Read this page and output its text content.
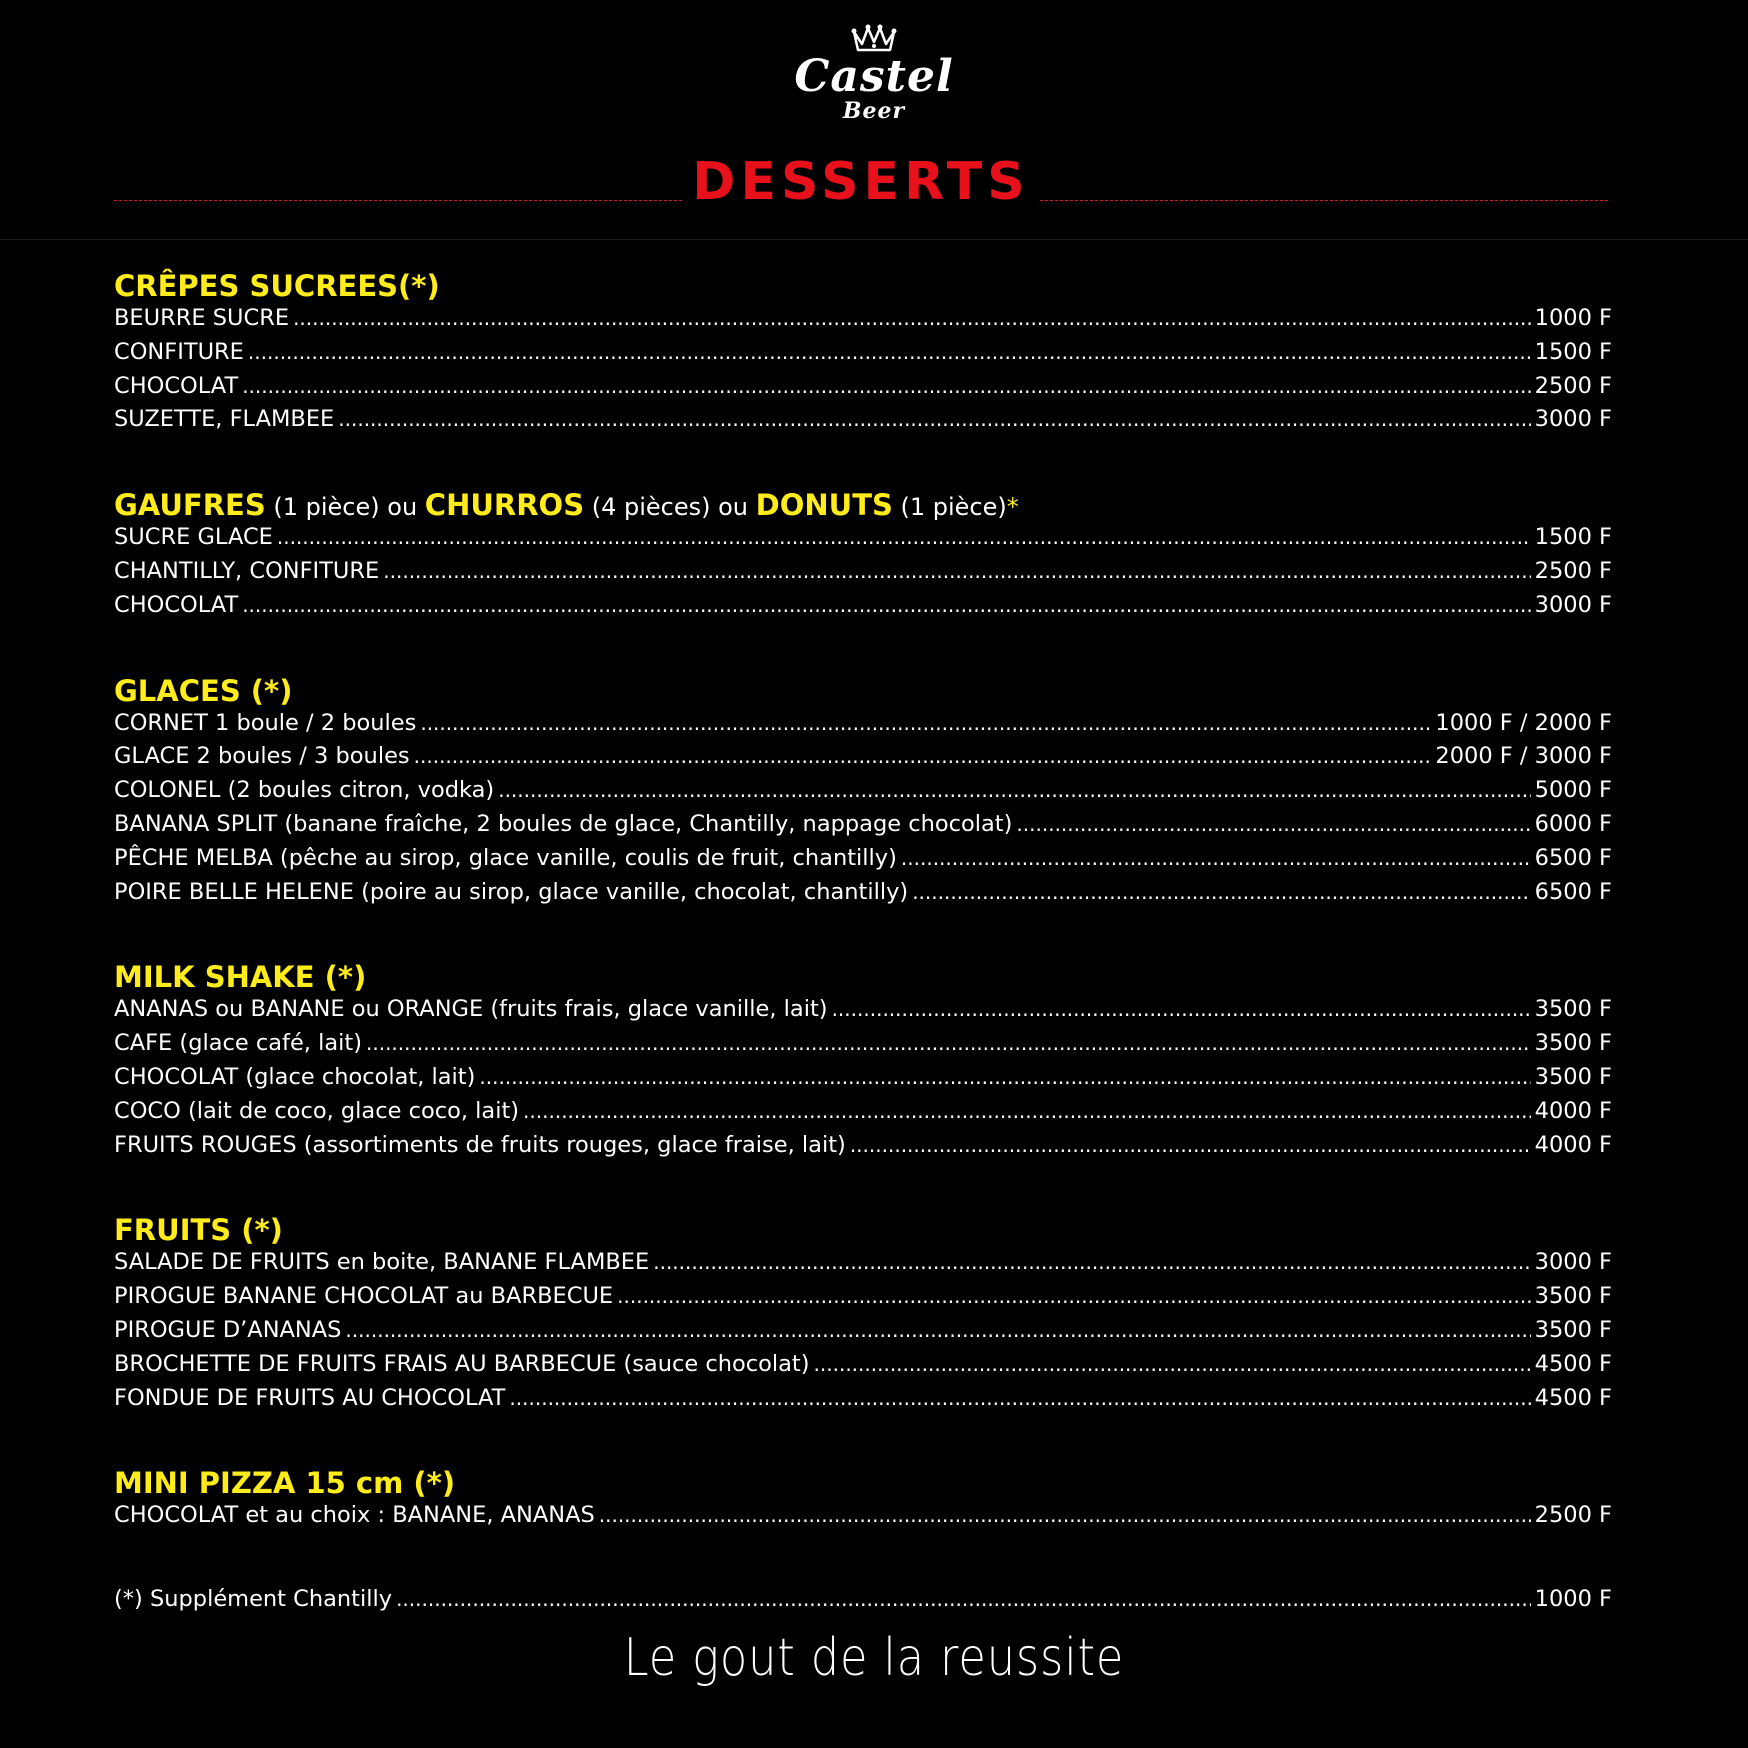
Castel
Beer
DESSERTS
CRÊPES SUCREES(*)
BEURRE SUCRE .....	1000 F
CONFITURE .....	1500 F
CHOCOLAT .....	2500 F
SUZETTE, FLAMBEE .....	3000 F
GAUFRES (1 pièce) ou CHURROS (4 pièces) ou DONUTS (1 pièce)*
SUCRE GLACE .....	1500 F
CHANTILLY, CONFITURE .....	2500 F
CHOCOLAT .....	3000 F
GLACES (*)
CORNET 1 boule / 2 boules .....	1000 F / 2000 F
GLACE 2 boules / 3 boules .....	2000 F / 3000 F
COLONEL (2 boules citron, vodka) .....	5000 F
BANANA SPLIT (banane fraîche, 2 boules de glace, Chantilly, nappage chocolat) .....	6000 F
PÊCHE MELBA (pêche au sirop, glace vanille, coulis de fruit, chantilly) .....	6500 F
POIRE BELLE HELENE (poire au sirop, glace vanille, chocolat, chantilly) .....	6500 F
MILK SHAKE (*)
ANANAS ou BANANE ou ORANGE (fruits frais, glace vanille, lait) .....	3500 F
CAFE (glace café, lait) .....	3500 F
CHOCOLAT (glace chocolat, lait) .....	3500 F
COCO (lait de coco, glace coco, lait) .....	4000 F
FRUITS ROUGES (assortiments de fruits rouges, glace fraise, lait) .....	4000 F
FRUITS (*)
SALADE DE FRUITS en boite, BANANE FLAMBEE .....	3000 F
PIROGUE BANANE CHOCOLAT au BARBECUE .....	3500 F
PIROGUE D’ANANAS .....	3500 F
BROCHETTE DE FRUITS FRAIS AU BARBECUE (sauce chocolat) .....	4500 F
FONDUE DE FRUITS AU CHOCOLAT .....	4500 F
MINI PIZZA 15 cm (*)
CHOCOLAT et au choix : BANANE, ANANAS .....	2500 F
(*) Supplément Chantilly .....	1000 F
Le gout de la reussite
